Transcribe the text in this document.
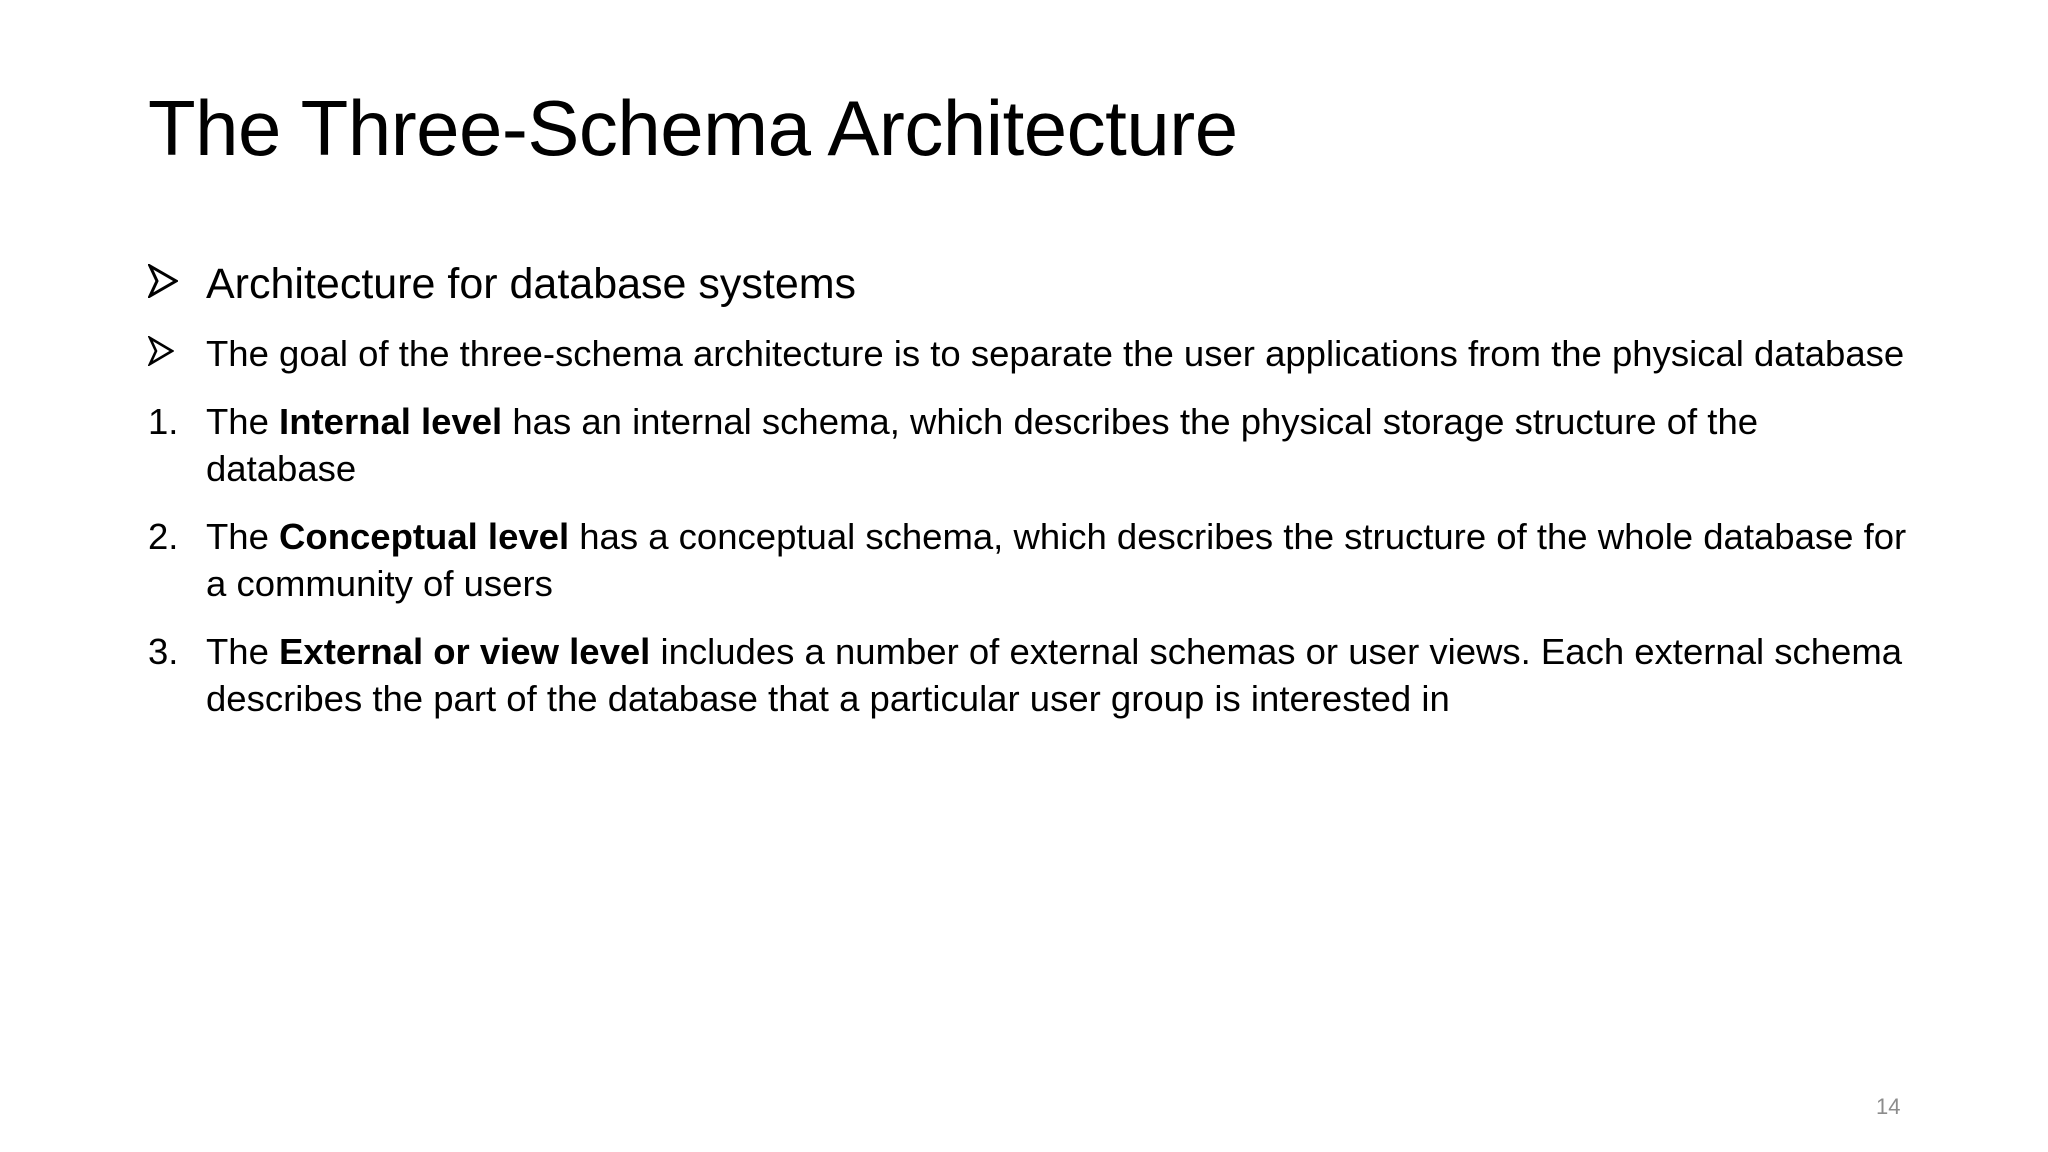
The Three-Schema Architecture
Architecture for database systems
The goal of the three-schema architecture is to separate the user applications from the physical database
1. The Internal level has an internal schema, which describes the physical storage structure of the database
2. The Conceptual level has a conceptual schema, which describes the structure of the whole database for a community of users
3. The External or view level includes a number of external schemas or user views. Each external schema describes the part of the database that a particular user group is interested in
14
